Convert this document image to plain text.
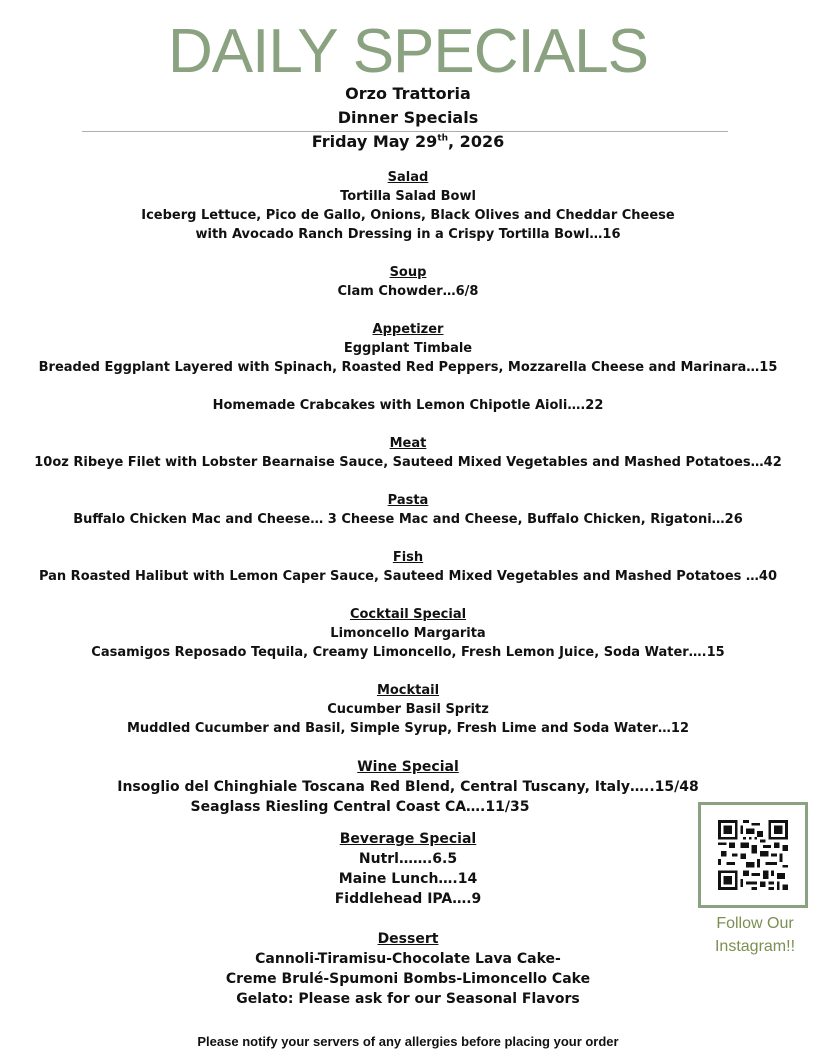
DAILY SPECIALS
Orzo Trattoria
Dinner Specials
Friday May 29th, 2026
Salad
Tortilla Salad Bowl
Iceberg Lettuce, Pico de Gallo, Onions, Black Olives and Cheddar Cheese
with Avocado Ranch Dressing in a Crispy Tortilla Bowl…16
Soup
Clam Chowder…6/8
Appetizer
Eggplant Timbale
Breaded Eggplant Layered with Spinach, Roasted Red Peppers, Mozzarella Cheese and Marinara…15
Homemade Crabcakes with Lemon Chipotle Aioli….22
Meat
10oz Ribeye Filet with Lobster Bearnaise Sauce, Sauteed Mixed Vegetables and Mashed Potatoes…42
Pasta
Buffalo Chicken Mac and Cheese… 3 Cheese Mac and Cheese, Buffalo Chicken, Rigatoni…26
Fish
Pan Roasted Halibut with Lemon Caper Sauce, Sauteed Mixed Vegetables and Mashed Potatoes …40
Cocktail Special
Limoncello Margarita
Casamigos Reposado Tequila, Creamy Limoncello, Fresh Lemon Juice, Soda Water….15
Mocktail
Cucumber Basil Spritz
Muddled Cucumber and Basil, Simple Syrup, Fresh Lime and Soda Water…12
Wine Special
Insoglio del Chinghiale Toscana Red Blend, Central Tuscany, Italy…..15/48
Seaglass Riesling Central Coast CA….11/35
Beverage Special
Nutrl…….6.5
Maine Lunch….14
Fiddlehead IPA….9
Dessert
Cannoli-Tiramisu-Chocolate Lava Cake-
Creme Brulé-Spumoni Bombs-Limoncello Cake
Gelato: Please ask for our Seasonal Flavors
Follow Our
Instagram!!
Please notify your servers of any allergies before placing your order
